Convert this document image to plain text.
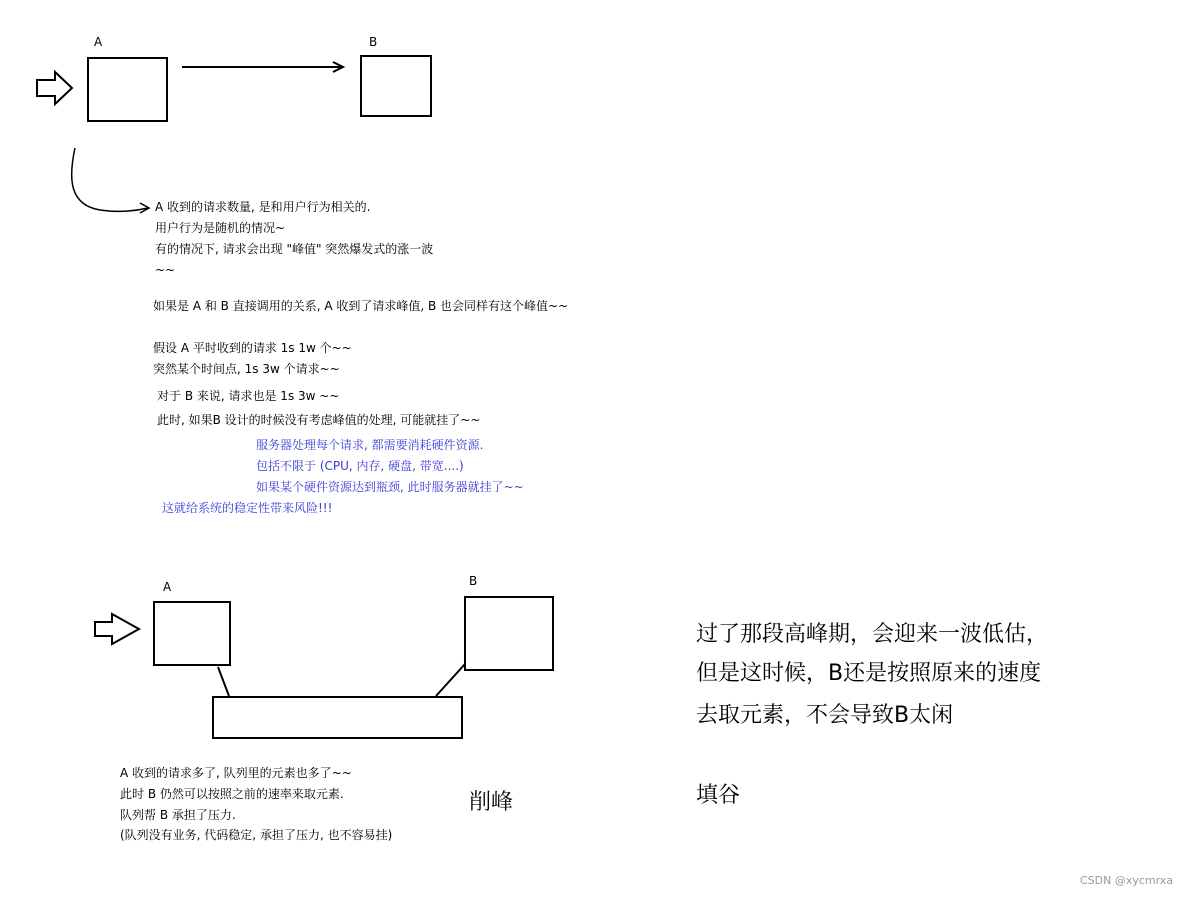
A	B
A	B
A 收到的请求数量, 是和用户行为相关的.
用户行为是随机的情况~
有的情况下, 请求会出现 "峰值" 突然爆发式的涨一波
~~
如果是 A 和 B 直接调用的关系, A 收到了请求峰值, B 也会同样有这个峰值~~
假设 A 平时收到的请求 1s 1w 个~~
突然某个时间点, 1s 3w 个请求~~
对于 B 来说, 请求也是 1s 3w ~~
此时, 如果B 设计的时候没有考虑峰值的处理, 可能就挂了~~
服务器处理每个请求, 都需要消耗硬件资源.
包括不限于 (CPU, 内存, 硬盘, 带宽....)
如果某个硬件资源达到瓶颈, 此时服务器就挂了~~
这就给系统的稳定性带来风险!!!
A 收到的请求多了, 队列里的元素也多了~~
此时 B 仍然可以按照之前的速率来取元素.
队列帮 B 承担了压力.
(队列没有业务, 代码稳定, 承担了压力, 也不容易挂)
削峰
过了那段高峰期，会迎来一波低估，
但是这时候，B还是按照原来的速度
去取元素，不会导致B太闲
填谷
CSDN @xycmrxa
